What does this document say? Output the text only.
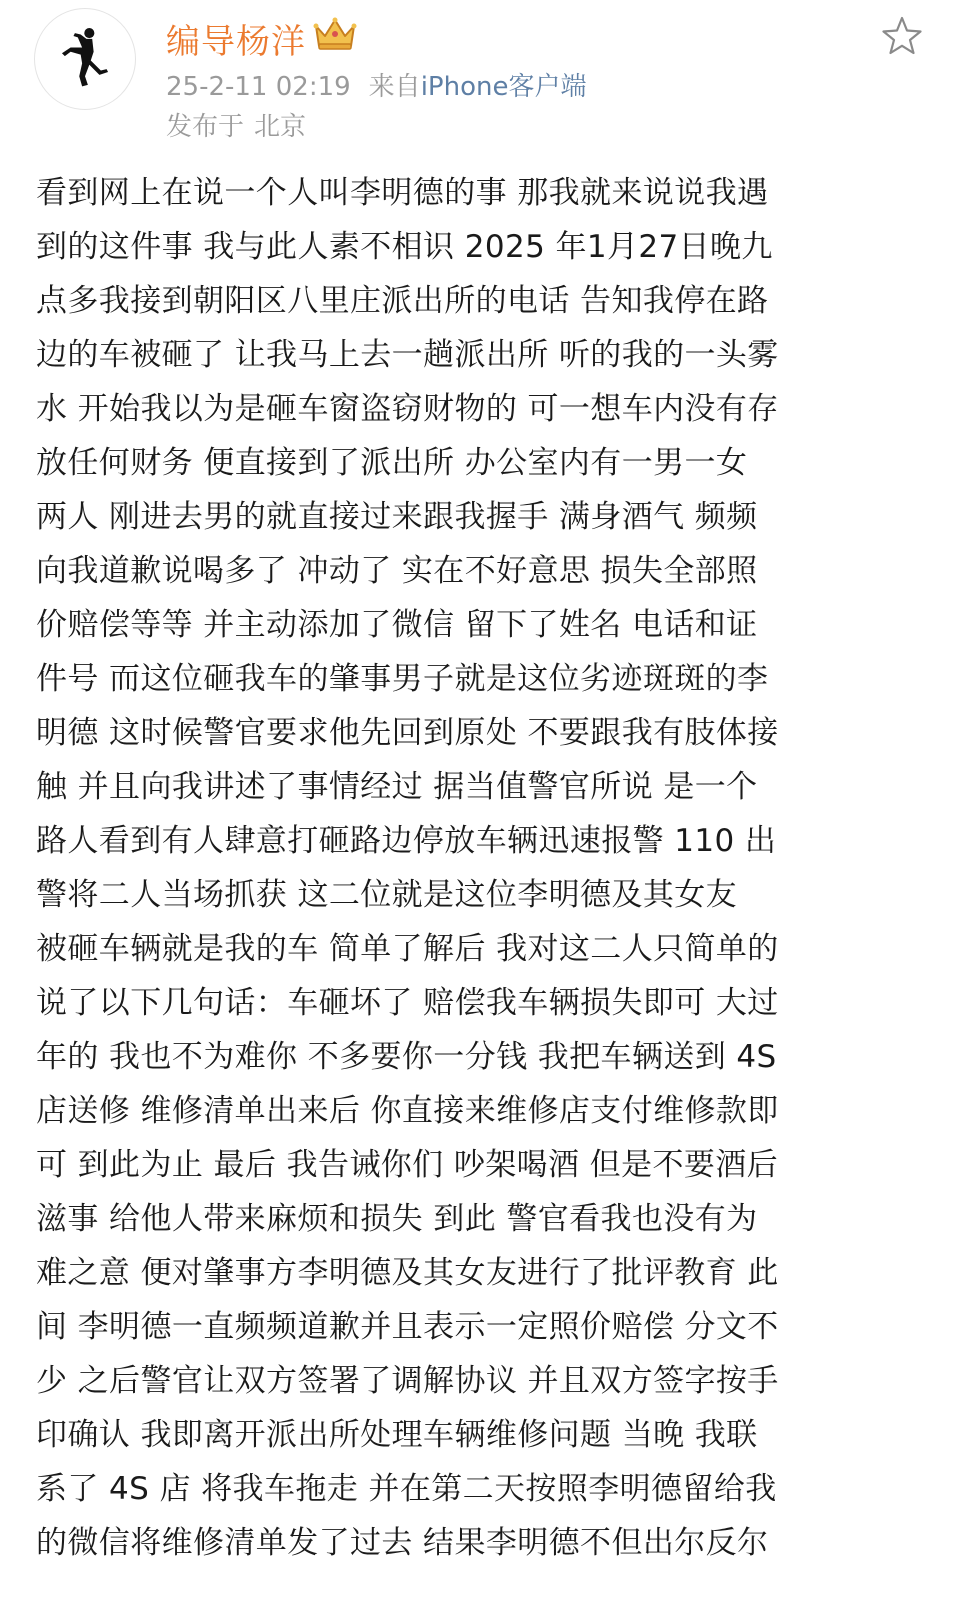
编导杨洋
25-2-11 02:19 来自iPhone客户端
发布于 北京
看到网上在说一个人叫李明德的事 那我就来说说我遇
到的这件事 我与此人素不相识 2025 年1月27日晚九
点多我接到朝阳区八里庄派出所的电话 告知我停在路
边的车被砸了 让我马上去一趟派出所 听的我的一头雾
水 开始我以为是砸车窗盗窃财物的 可一想车内没有存
放任何财务 便直接到了派出所 办公室内有一男一女
两人 刚进去男的就直接过来跟我握手 满身酒气 频频
向我道歉说喝多了 冲动了 实在不好意思 损失全部照
价赔偿等等 并主动添加了微信 留下了姓名 电话和证
件号 而这位砸我车的肇事男子就是这位劣迹斑斑的李
明德 这时候警官要求他先回到原处 不要跟我有肢体接
触 并且向我讲述了事情经过 据当值警官所说 是一个
路人看到有人肆意打砸路边停放车辆迅速报警 110 出
警将二人当场抓获 这二位就是这位李明德及其女友
被砸车辆就是我的车 简单了解后 我对这二人只简单的
说了以下几句话：车砸坏了 赔偿我车辆损失即可 大过
年的 我也不为难你 不多要你一分钱 我把车辆送到 4S
店送修 维修清单出来后 你直接来维修店支付维修款即
可 到此为止 最后 我告诫你们 吵架喝酒 但是不要酒后
滋事 给他人带来麻烦和损失 到此 警官看我也没有为
难之意 便对肇事方李明德及其女友进行了批评教育 此
间 李明德一直频频道歉并且表示一定照价赔偿 分文不
少 之后警官让双方签署了调解协议 并且双方签字按手
印确认 我即离开派出所处理车辆维修问题 当晚 我联
系了 4S 店 将我车拖走 并在第二天按照李明德留给我
的微信将维修清单发了过去 结果李明德不但出尔反尔
